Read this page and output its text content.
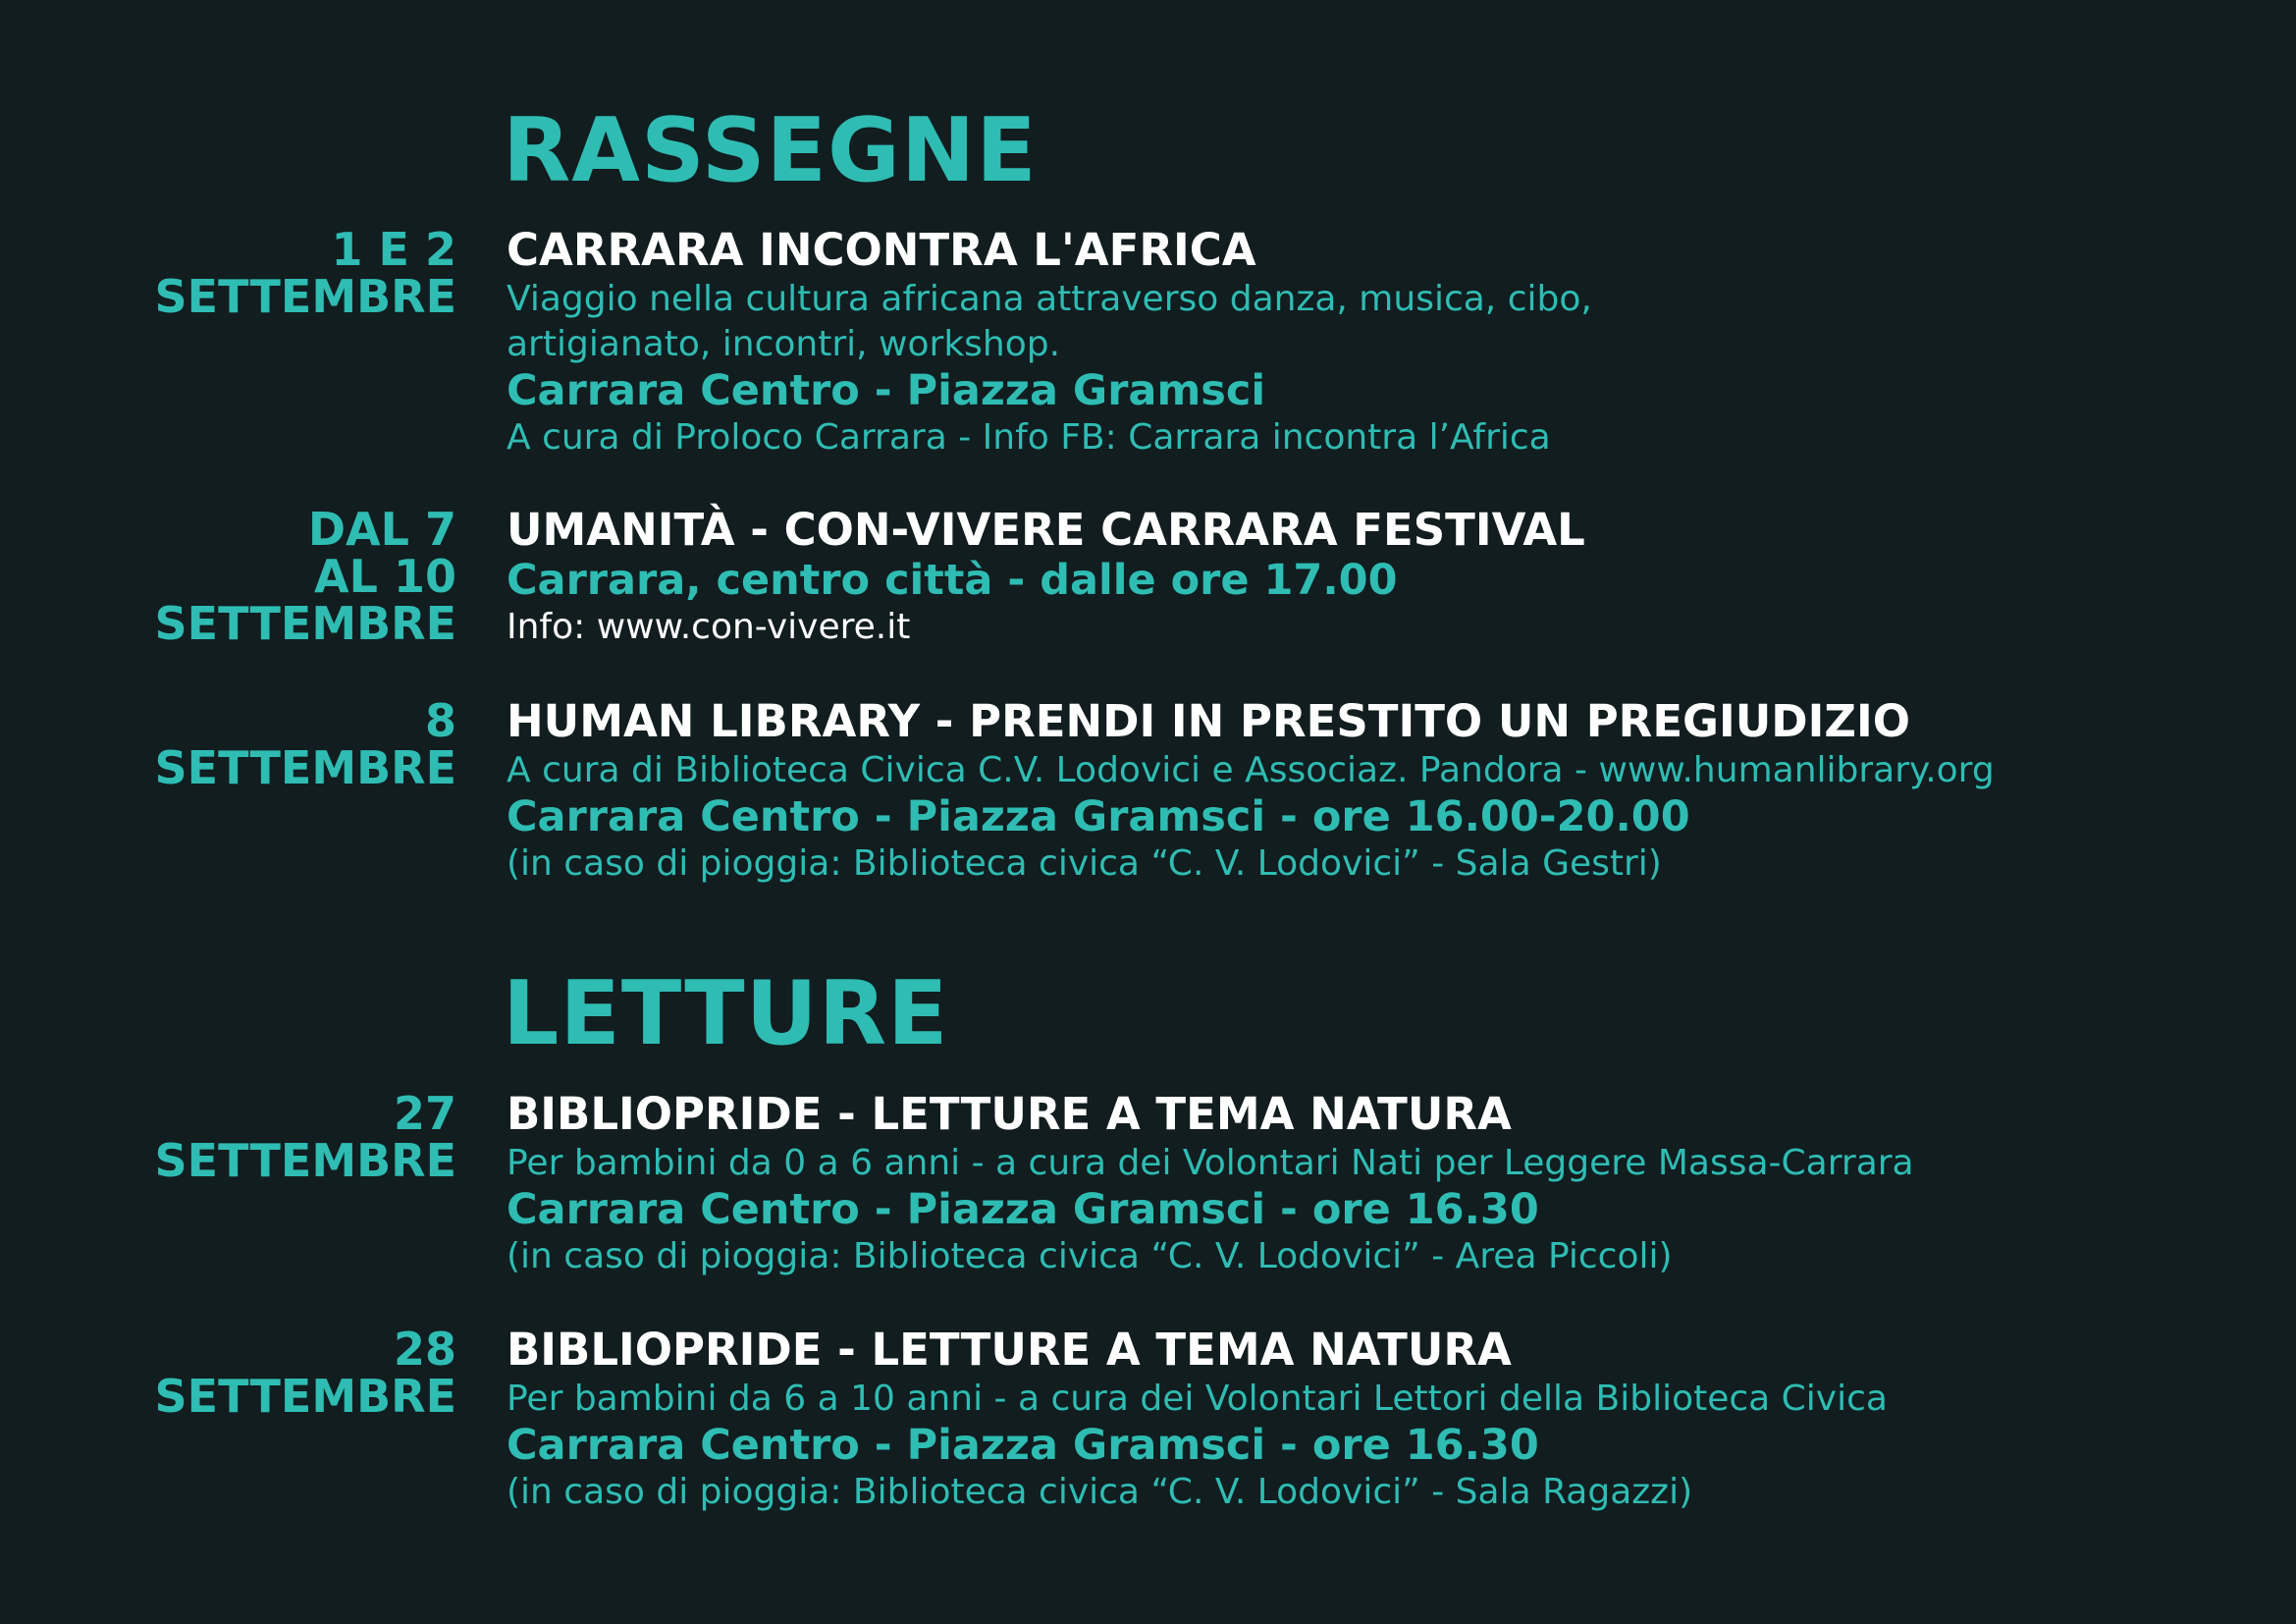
RASSEGNE
1 E 2
SETTEMBRE
CARRARA INCONTRA L'AFRICA
Viaggio nella cultura africana attraverso danza, musica, cibo,
artigianato, incontri, workshop.
Carrara Centro - Piazza Gramsci
A cura di Proloco Carrara - Info FB: Carrara incontra l’Africa
DAL 7
AL 10
SETTEMBRE
UMANITÀ - CON-VIVERE CARRARA FESTIVAL
Carrara, centro città - dalle ore 17.00
Info: www.con-vivere.it
8
SETTEMBRE
HUMAN LIBRARY - PRENDI IN PRESTITO UN PREGIUDIZIO
A cura di Biblioteca Civica C.V. Lodovici e Associaz. Pandora - www.humanlibrary.org
Carrara Centro - Piazza Gramsci - ore 16.00-20.00
(in caso di pioggia: Biblioteca civica “C. V. Lodovici” - Sala Gestri)
LETTURE
27
SETTEMBRE
BIBLIOPRIDE - LETTURE A TEMA NATURA
Per bambini da 0 a 6 anni - a cura dei Volontari Nati per Leggere Massa-Carrara
Carrara Centro - Piazza Gramsci - ore 16.30
(in caso di pioggia: Biblioteca civica “C. V. Lodovici” - Area Piccoli)
28
SETTEMBRE
BIBLIOPRIDE - LETTURE A TEMA NATURA
Per bambini da 6 a 10 anni - a cura dei Volontari Lettori della Biblioteca Civica
Carrara Centro - Piazza Gramsci - ore 16.30
(in caso di pioggia: Biblioteca civica “C. V. Lodovici” - Sala Ragazzi)
